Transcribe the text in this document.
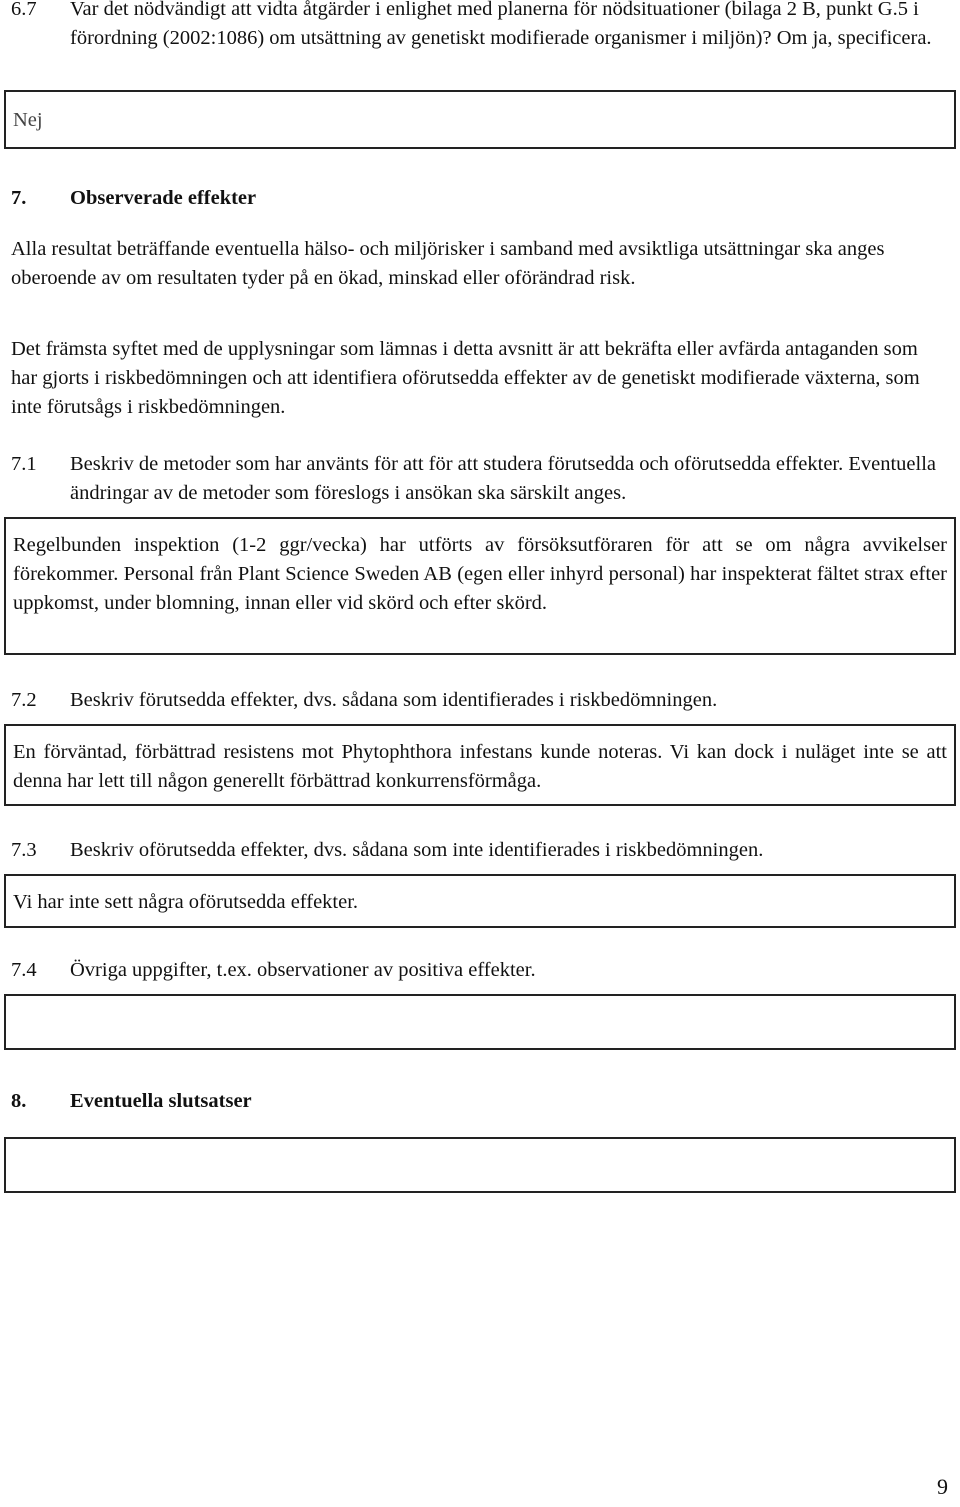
6.7 Var det nödvändigt att vidta åtgärder i enlighet med planerna för nödsituationer (bilaga 2 B, punkt G.5 i förordning (2002:1086) om utsättning av genetiskt modifierade organismer i miljön)? Om ja, specificera.
Nej
7. Observerade effekter
Alla resultat beträffande eventuella hälso- och miljörisker i samband med avsiktliga utsättningar ska anges oberoende av om resultaten tyder på en ökad, minskad eller oförändrad risk.
Det främsta syftet med de upplysningar som lämnas i detta avsnitt är att bekräfta eller avfärda antaganden som har gjorts i riskbedömningen och att identifiera oförutsedda effekter av de genetiskt modifierade växterna, som inte förutsågs i riskbedömningen.
7.1 Beskriv de metoder som har använts för att för att studera förutsedda och oförutsedda effekter. Eventuella ändringar av de metoder som föreslogs i ansökan ska särskilt anges.
Regelbunden inspektion (1-2 ggr/vecka) har utförts av försöksutföraren för att se om några avvikelser förekommer. Personal från Plant Science Sweden AB (egen eller inhyrd personal) har inspekterat fältet strax efter uppkomst, under blomning, innan eller vid skörd och efter skörd.
7.2 Beskriv förutsedda effekter, dvs. sådana som identifierades i riskbedömningen.
En förväntad, förbättrad resistens mot Phytophthora infestans kunde noteras. Vi kan dock i nuläget inte se att denna har lett till någon generellt förbättrad konkurrensförmåga.
7.3 Beskriv oförutsedda effekter, dvs. sådana som inte identifierades i riskbedömningen.
Vi har inte sett några oförutsedda effekter.
7.4 Övriga uppgifter, t.ex. observationer av positiva effekter.
8. Eventuella slutsatser
9
